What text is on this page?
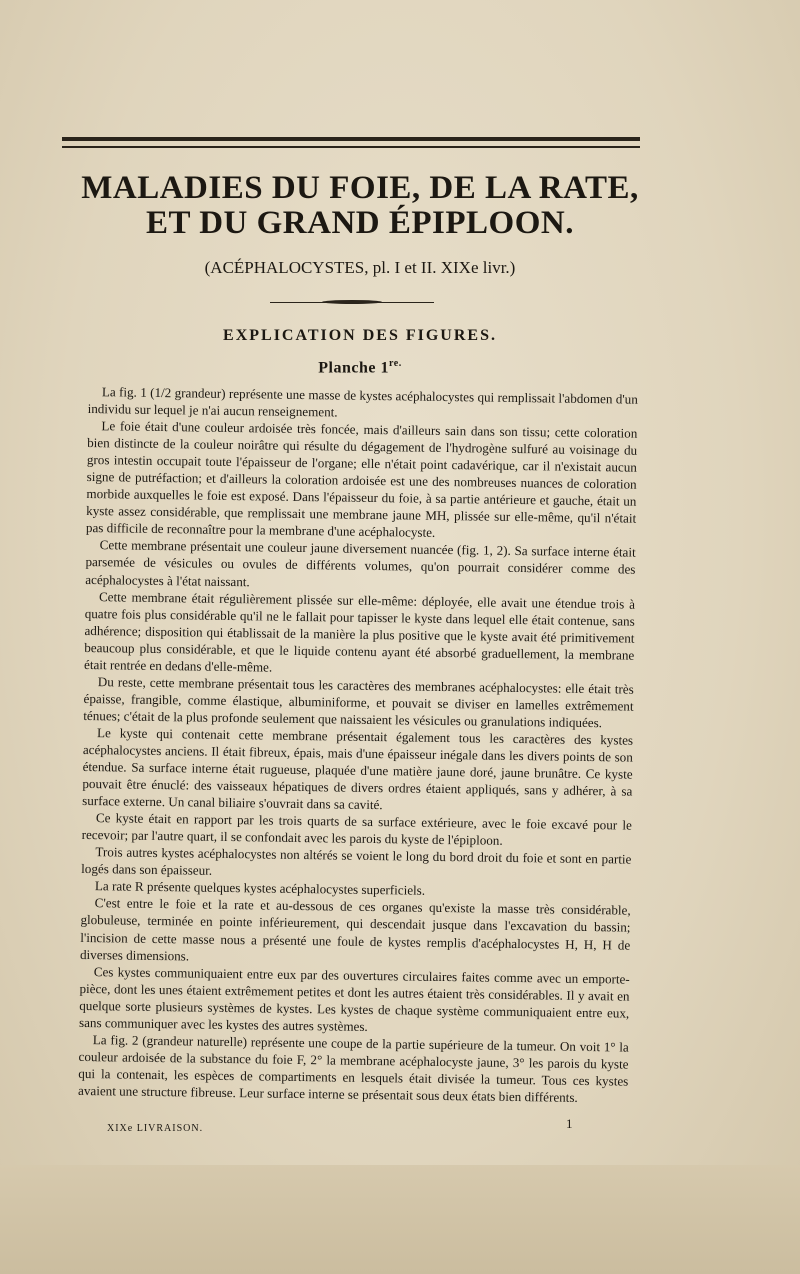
MALADIES DU FOIE, DE LA RATE,
ET DU GRAND ÉPIPLOON.

(ACÉPHALOCYSTES, pl. I et II. XIXe livr.)

EXPLICATION DES FIGURES.
Planche $1^{re.}$

La fig. 1 (1/2 grandeur) représente une masse de kystes acéphalocystes qui remplissait l'abdomen d'un individu sur lequel je n'ai aucun renseignement.

Le foie était d'une couleur ardoisée très foncée, mais d'ailleurs sain dans son tissu; cette coloration bien distincte de la couleur noirâtre qui résulte du dégagement de l'hydrogène sulfuré au voisinage du gros intestin occupait toute l'épaisseur de l'organe; elle n'était point cadavérique, car il n'existait aucun signe de putréfaction; et d'ailleurs la coloration ardoisée est une des nombreuses nuances de coloration morbide auxquelles le foie est exposé. Dans l'épaisseur du foie, à sa partie antérieure et gauche, était un kyste assez considérable, que remplissait une membrane jaune MH, plissée sur elle-même, qu'il n'était pas difficile de reconnaître pour la membrane d'une acéphalocyste.

Cette membrane présentait une couleur jaune diversement nuancée (fig. 1, 2). Sa surface interne était parsemée de vésicules ou ovules de différents volumes, qu'on pourrait considérer comme des acéphalocystes à l'état naissant.

Cette membrane était régulièrement plissée sur elle-même: déployée, elle avait une étendue trois à quatre fois plus considérable qu'il ne le fallait pour tapisser le kyste dans lequel elle était contenue, sans adhérence; disposition qui établissait de la manière la plus positive que le kyste avait été primitivement beaucoup plus considérable, et que le liquide contenu ayant été absorbé graduellement, la membrane était rentrée en dedans d'elle-même.

Du reste, cette membrane présentait tous les caractères des membranes acéphalocystes: elle était très épaisse, frangible, comme élastique, albuminiforme, et pouvait se diviser en lamelles extrêmement ténues; c'était de la plus profonde seulement que naissaient les vésicules ou granulations indiquées.

Le kyste qui contenait cette membrane présentait également tous les caractères des kystes acéphalocystes anciens. Il était fibreux, épais, mais d'une épaisseur inégale dans les divers points de son étendue. Sa surface interne était rugueuse, plaquée d'une matière jaune doré, jaune brunâtre. Ce kyste pouvait être énuclé: des vaisseaux hépatiques de divers ordres étaient appliqués, sans y adhérer, à sa surface externe. Un canal biliaire s'ouvrait dans sa cavité.

Ce kyste était en rapport par les trois quarts de sa surface extérieure, avec le foie excavé pour le recevoir; par l'autre quart, il se confondait avec les parois du kyste de l'épiploon.

Trois autres kystes acéphalocystes non altérés se voient le long du bord droit du foie et sont en partie logés dans son épaisseur.

La rate R présente quelques kystes acéphalocystes superficiels.

C'est entre le foie et la rate et au-dessous de ces organes qu'existe la masse très considérable, globuleuse, terminée en pointe inférieurement, qui descendait jusque dans l'excavation du bassin; l'incision de cette masse nous a présenté une foule de kystes remplis d'acéphalocystes H, H, H de diverses dimensions.

Ces kystes communiquaient entre eux par des ouvertures circulaires faites comme avec un emporte-pièce, dont les unes étaient extrêmement petites et dont les autres étaient très considérables. Il y avait en quelque sorte plusieurs systèmes de kystes. Les kystes de chaque système communiquaient entre eux, sans communiquer avec les kystes des autres systèmes.

La fig. 2 (grandeur naturelle) représente une coupe de la partie supérieure de la tumeur. On voit 1° la couleur ardoisée de la substance du foie F, 2° la membrane acéphalocyste jaune, 3° les parois du kyste qui la contenait, les espèces de compartiments en lesquels était divisée la tumeur. Tous ces kystes avaient une structure fibreuse. Leur surface interne se présentait sous deux états bien différents.

XIXe LIVRAISON.	1
